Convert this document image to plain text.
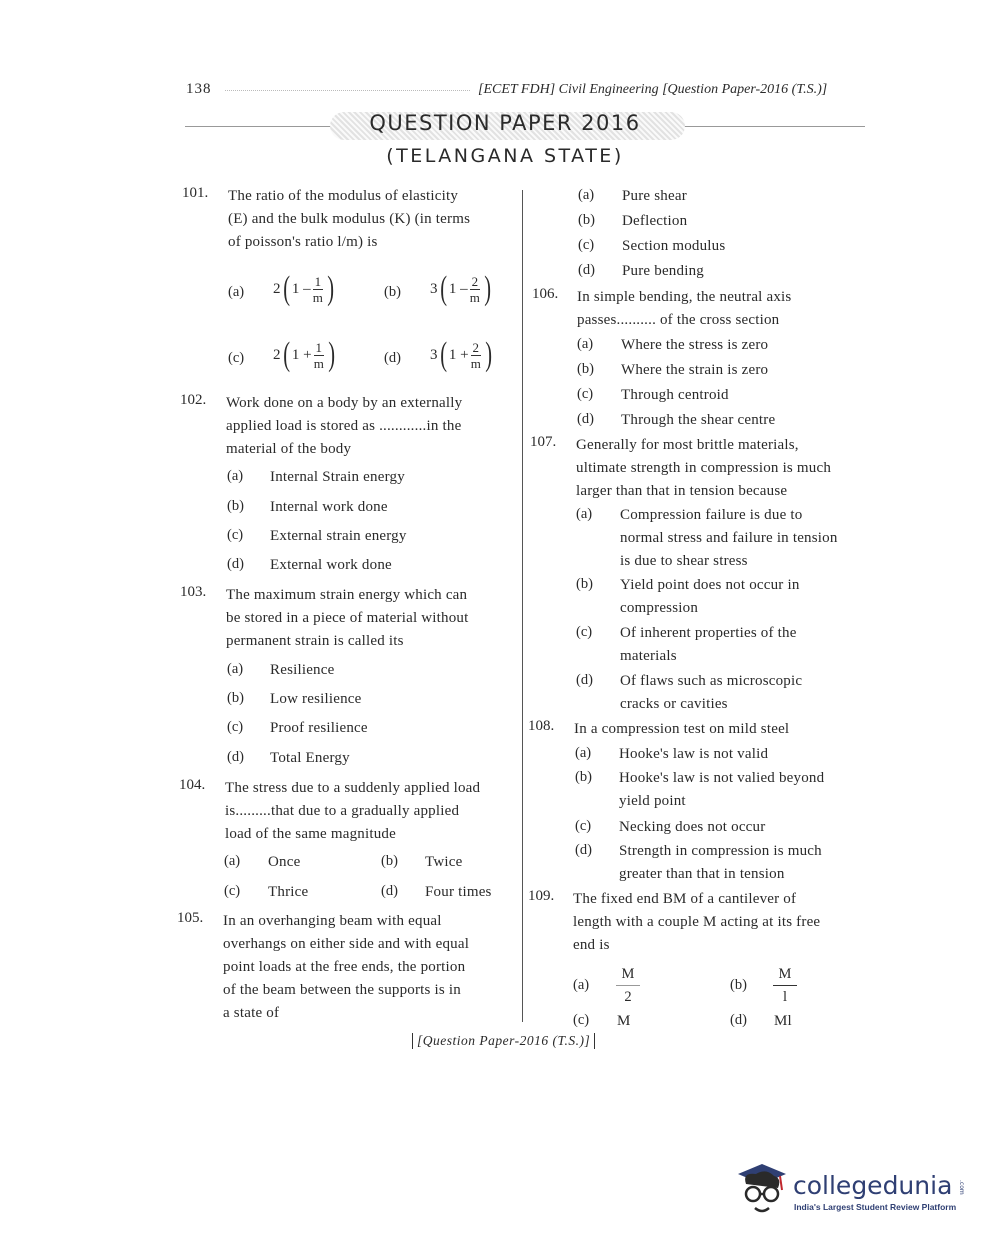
138	[ECET FDH] Civil Engineering [Question Paper-2016 (T.S.)]
QUESTION PAPER 2016
(TELANGANA STATE)
101. The ratio of the modulus of elasticity
(E) and the bulk modulus (K) (in terms
of poisson's ratio l/m) is
(a) 2 ( $1 - \frac{1}{m}$ )	(b) 3 ( $1 - \frac{2}{m}$ )
(c) 2 ( $1 + \frac{1}{m}$ )	(d) 3 ( $1 + \frac{2}{m}$ )
102. Work done on a body by an externally
applied load is stored as ............in the
material of the body
(a) Internal Strain energy
(b) Internal work done
(c) External strain energy
(d) External work done
103. The maximum strain energy which can
be stored in a piece of material without
permanent strain is called its
(a) Resilience
(b) Low resilience
(c) Proof resilience
(d) Total Energy
104. The stress due to a suddenly applied load
is.........that due to a gradually applied
load of the same magnitude
(a) Once	(b) Twice
(c) Thrice	(d) Four times
105. In an overhanging beam with equal
overhangs on either side and with equal
point loads at the free ends, the portion
of the beam between the supports is in
a state of
(a) Pure shear
(b) Deflection
(c) Section modulus
(d) Pure bending
106. In simple bending, the neutral axis
passes.......... of the cross section
(a) Where the stress is zero
(b) Where the strain is zero
(c) Through centroid
(d) Through the shear centre
107. Generally for most brittle materials,
ultimate strength in compression is much
larger than that in tension because
(a) Compression failure is due to
normal stress and failure in tension
is due to shear stress
(b) Yield point does not occur in
compression
(c) Of inherent properties of the
materials
(d) Of flaws such as microscopic
cracks or cavities
108. In a compression test on mild steel
(a) Hooke's law is not valid
(b) Hooke's law is not valied beyond
yield point
(c) Necking does not occur
(d) Strength in compression is much
greater than that in tension
109. The fixed end BM of a cantilever of
length with a couple M acting at its free
end is
$(a) \frac{M}{2}$	$(b) \frac{M}{l}$
(c) M	(d) Ml
[Question Paper-2016 (T.S.)]
collegedunia .com
India's Largest Student Review Platform
